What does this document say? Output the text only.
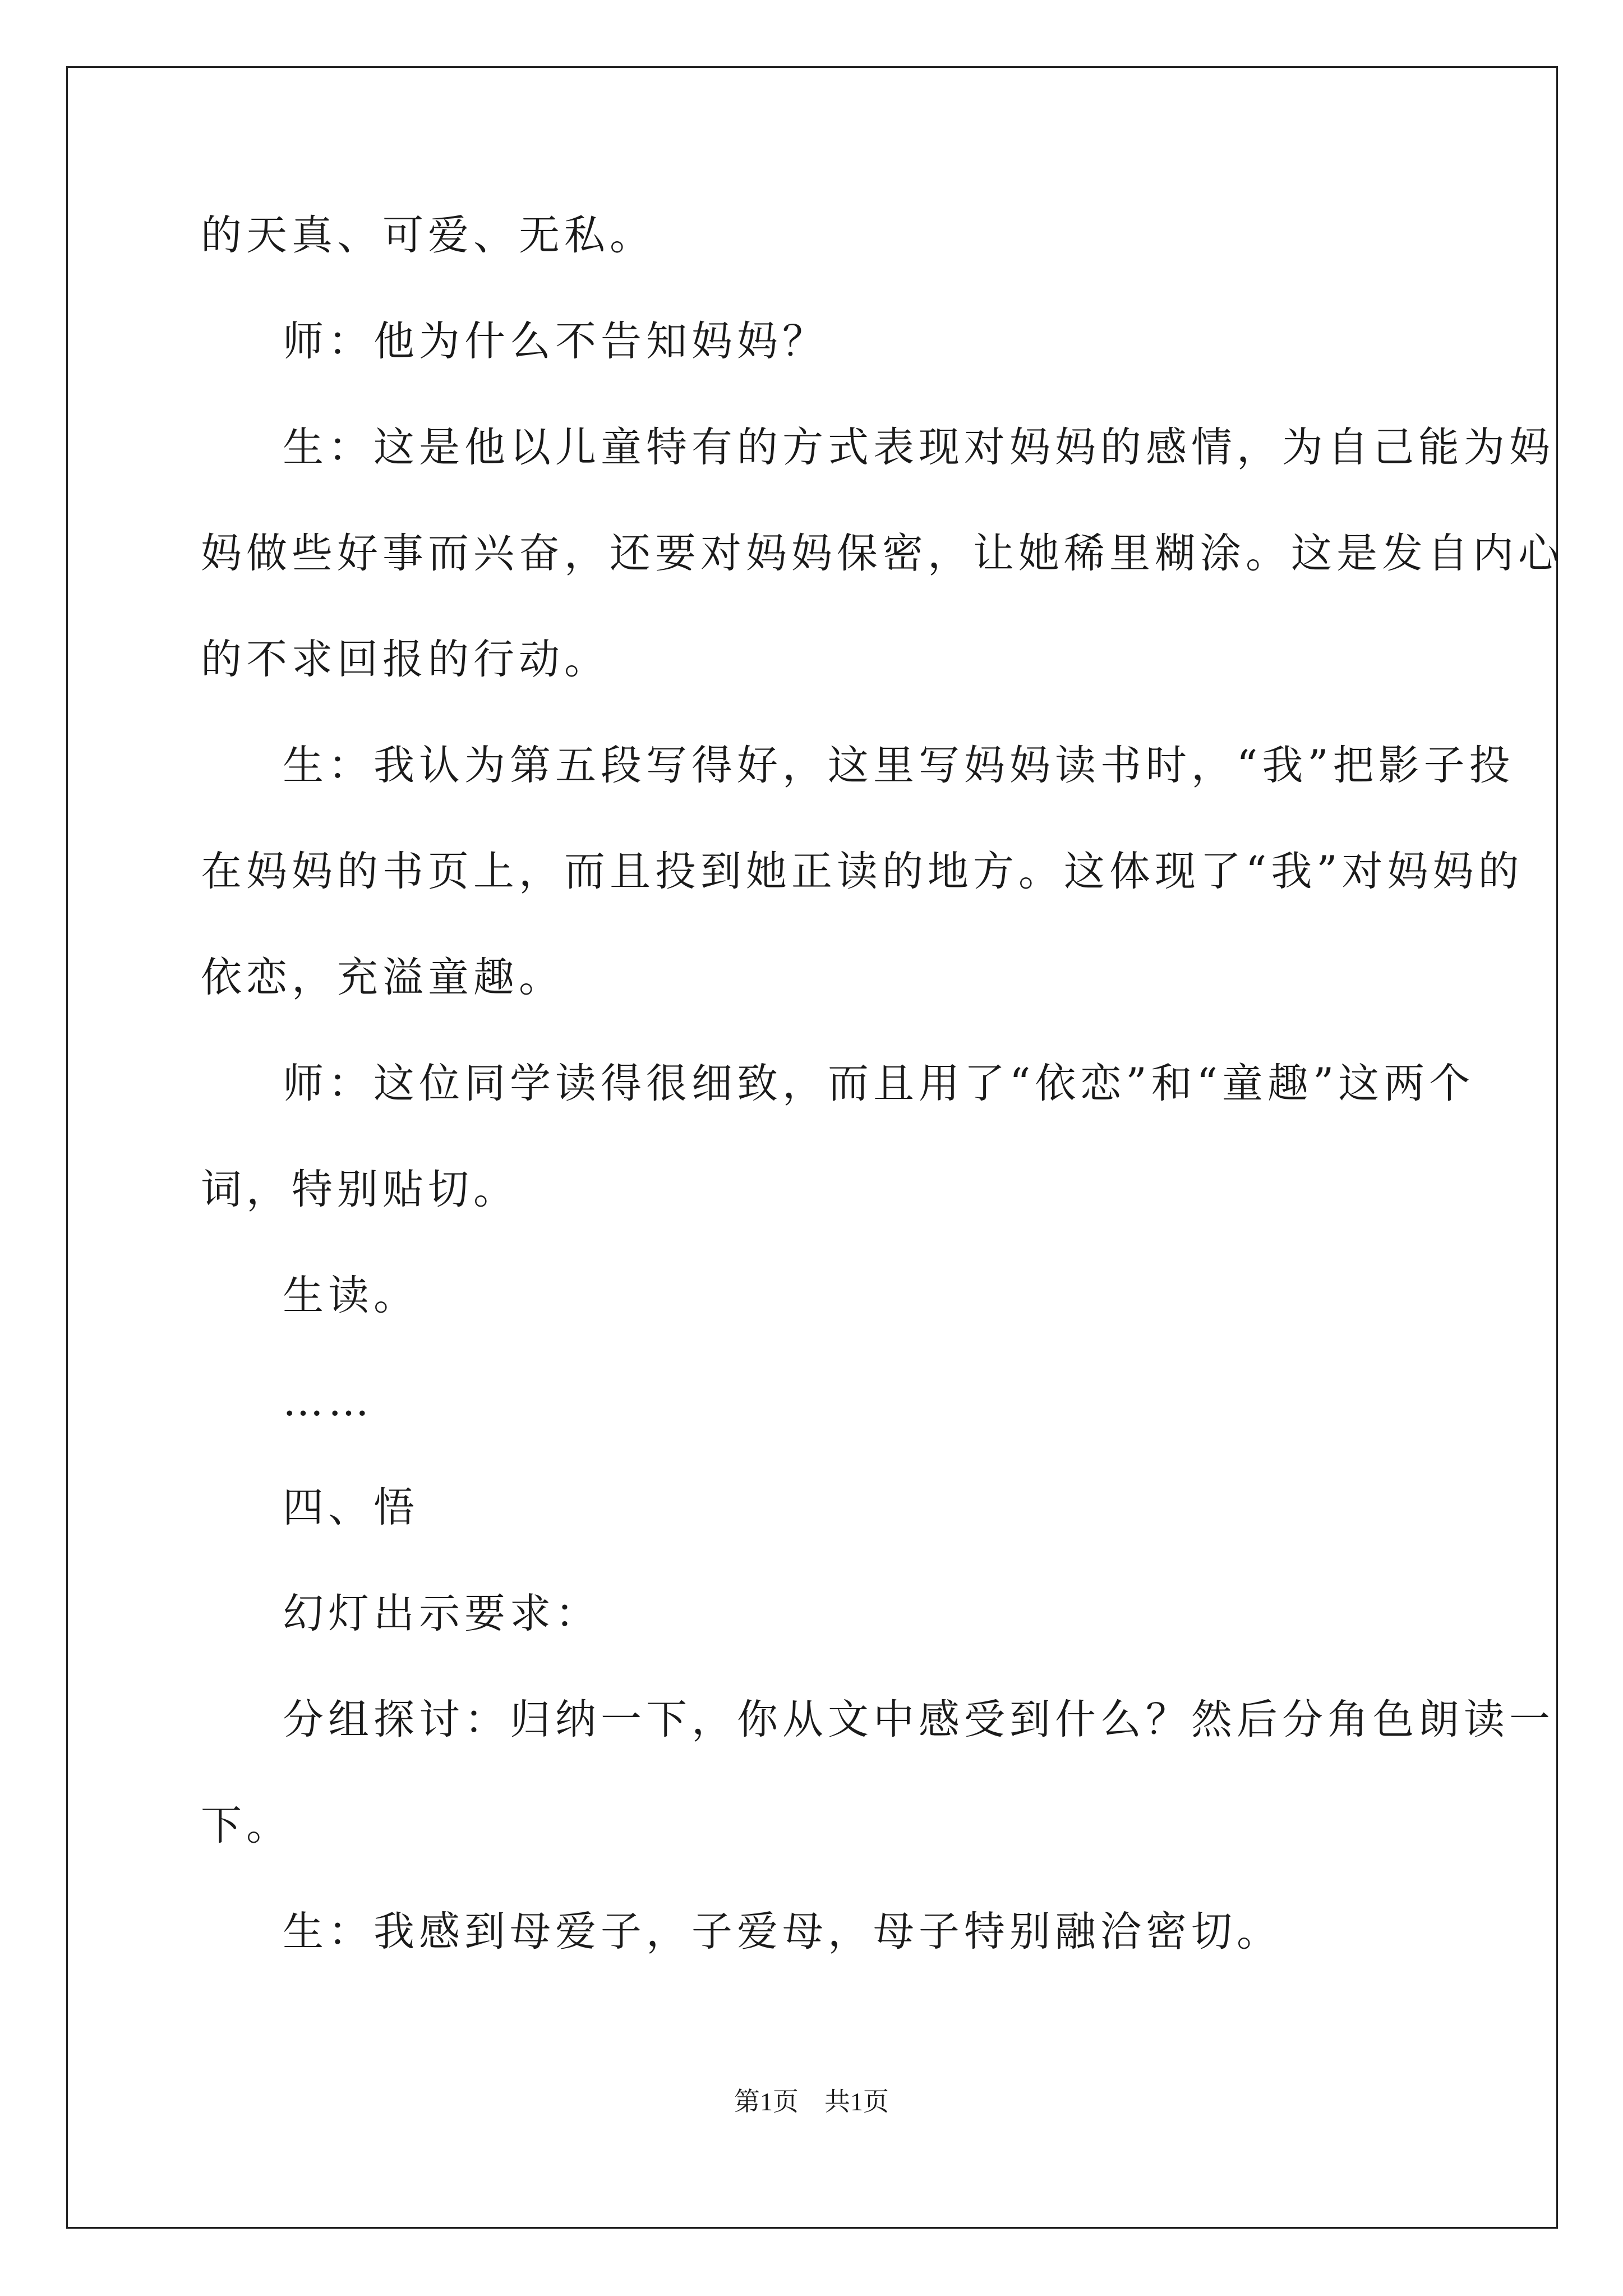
的天真、可爱、无私。
师：他为什么不告知妈妈？
生：这是他以儿童特有的方式表现对妈妈的感情，为自己能为妈
妈做些好事而兴奋，还要对妈妈保密，让她稀里糊涂。这是发自内心
的不求回报的行动。
生：我认为第五段写得好，这里写妈妈读书时，“我”把影子投
在妈妈的书页上，而且投到她正读的地方。这体现了“我”对妈妈的
依恋，充溢童趣。
师：这位同学读得很细致，而且用了“依恋”和“童趣”这两个
词，特别贴切。
生读。
……
四、悟
幻灯出示要求：
分组探讨：归纳一下，你从文中感受到什么？然后分角色朗读一
下。
生：我感到母爱子，子爱母，母子特别融洽密切。
第1页　共1页
